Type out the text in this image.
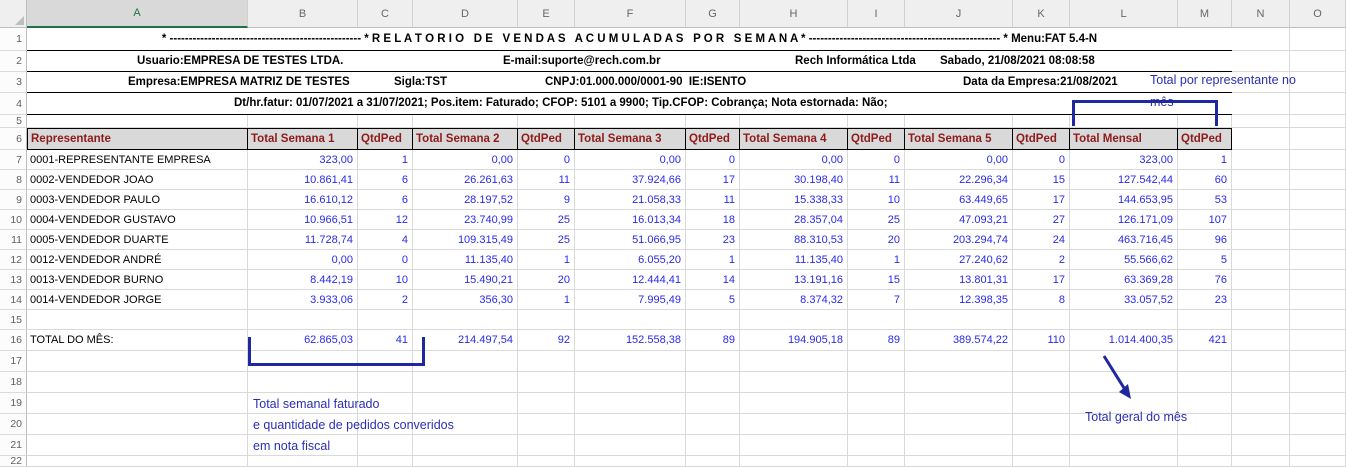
A	B	C	D	E	F	G	H	I	J	K	L	M	N	O
1
2
3
4
5
6
7
8
9
10
11
12
13
14
15
16
17
18
19
20
21
22
* -------------------------------------------------- * R E L A T O R I O   D E   V E N D A S   A C U M U L A D A S   P O R   S E M A N A * -------------------------------------------------- * Menu:FAT 5.4-N
Usuario:EMPRESA DE TESTES LTDA.	E-mail:suporte@rech.com.br	Rech Informática Ltda Sabado, 21/08/2021 08:08:58
Empresa:EMPRESA MATRIZ DE TESTES	Sigla:TST	CNPJ:01.000.000/0001-90  IE:ISENTO	Data da Empresa:21/08/2021
Dt/hr.fatur: 01/07/2021 a 31/07/2021; Pos.item: Faturado; CFOP: 5101 a 9900; Tip.CFOP: Cobrança; Nota estornada: Não;
Representante	Total Semana 1	QtdPed	Total Semana 2	QtdPed	Total Semana 3	QtdPed	Total Semana 4	QtdPed	Total Semana 5	QtdPed	Total Mensal	QtdPed
0001-REPRESENTANTE EMPRESA	323,00	1	0,00	0	0,00	0	0,00	0	0,00	0	323,00	1
0002-VENDEDOR JOAO	10.861,41	6	26.261,63	11	37.924,66	17	30.198,40	11	22.296,34	15	127.542,44	60
0003-VENDEDOR PAULO	16.610,12	6	28.197,52	9	21.058,33	11	15.338,33	10	63.449,65	17	144.653,95	53
0004-VENDEDOR GUSTAVO	10.966,51	12	23.740,99	25	16.013,34	18	28.357,04	25	47.093,21	27	126.171,09	107
0005-VENDEDOR DUARTE	11.728,74	4	109.315,49	25	51.066,95	23	88.310,53	20	203.294,74	24	463.716,45	96
0012-VENDEDOR ANDRÉ	0,00	0	11.135,40	1	6.055,20	1	11.135,40	1	27.240,62	2	55.566,62	5
0013-VENDEDOR BURNO	8.442,19	10	15.490,21	20	12.444,41	14	13.191,16	15	13.801,31	17	63.369,28	76
0014-VENDEDOR JORGE	3.933,06	2	356,30	1	7.995,49	5	8.374,32	7	12.398,35	8	33.057,52	23
TOTAL DO MÊS:	62.865,03	41	214.497,54	92	152.558,38	89	194.905,18	89	389.574,22	110	1.014.400,35	421
Total por representante no
mês
Total semanal faturado
e quantidade de pedidos converidos
em nota fiscal
Total geral do mês
